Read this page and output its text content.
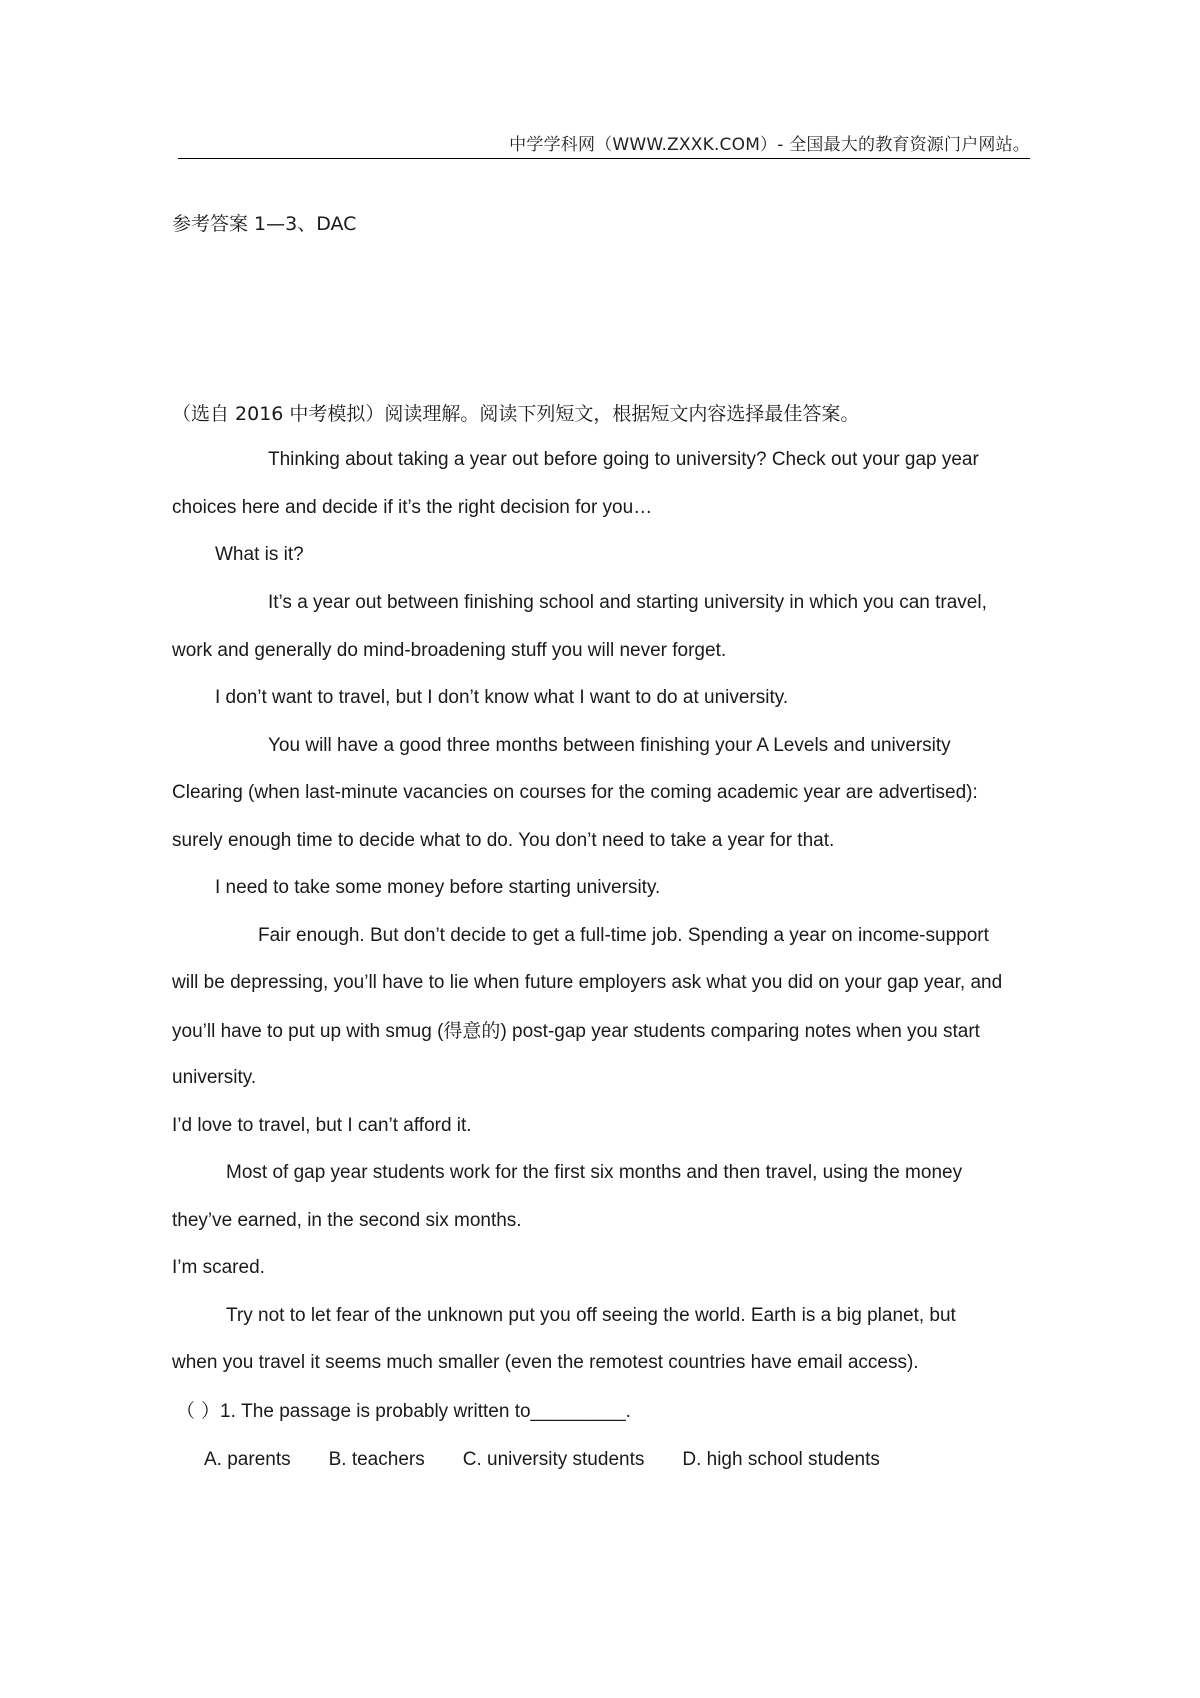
中学学科网（WWW.ZXXK.COM）- 全国最大的教育资源门户网站。
参考答案 1—3、DAC
（选自 2016 中考模拟）阅读理解。阅读下列短文，根据短文内容选择最佳答案。
Thinking about taking a year out before going to university? Check out your gap year
choices here and decide if it’s the right decision for you…
What is it?
It’s a year out between finishing school and starting university in which you can travel,
work and generally do mind-broadening stuff you will never forget.
I don’t want to travel, but I don’t know what I want to do at university.
You will have a good three months between finishing your A Levels and university
Clearing (when last-minute vacancies on courses for the coming academic year are advertised):
surely enough time to decide what to do. You don’t need to take a year for that.
I need to take some money before starting university.
Fair enough. But don’t decide to get a full-time job. Spending a year on income-support
will be depressing, you’ll have to lie when future employers ask what you did on your gap year, and
you’ll have to put up with smug (得意的) post-gap year students comparing notes when you start
university.
I’d love to travel, but I can’t afford it.
Most of gap year students work for the first six months and then travel, using the money
they’ve earned, in the second six months.
I’m scared.
Try not to let fear of the unknown put you off seeing the world. Earth is a big planet, but
when you travel it seems much smaller (even the remotest countries have email access).
（ ）1. The passage is probably written to_________.
A. parents B. teachers C. university students D. high school students
